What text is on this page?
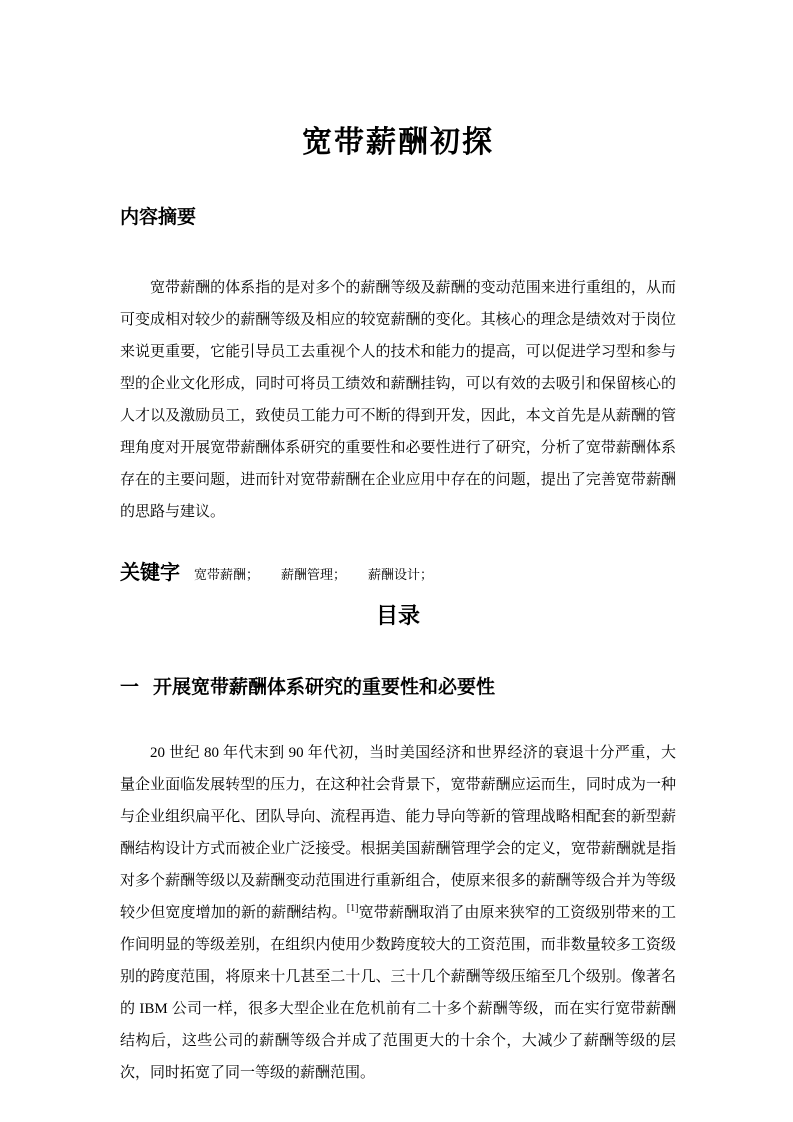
宽带薪酬初探
内容摘要

宽带薪酬的体系指的是对多个的薪酬等级及薪酬的变动范围来进行重组的，从而可变成相对较少的薪酬等级及相应的较宽薪酬的变化。其核心的理念是绩效对于岗位来说更重要，它能引导员工去重视个人的技术和能力的提高，可以促进学习型和参与型的企业文化形成，同时可将员工绩效和薪酬挂钩，可以有效的去吸引和保留核心的人才以及激励员工，致使员工能力可不断的得到开发，因此，本文首先是从薪酬的管理角度对开展宽带薪酬体系研究的重要性和必要性进行了研究，分析了宽带薪酬体系存在的主要问题，进而针对宽带薪酬在企业应用中存在的问题，提出了完善宽带薪酬的思路与建议。

关键字 宽带薪酬； 薪酬管理； 薪酬设计；
目录
一 开展宽带薪酬体系研究的重要性和必要性

20 世纪 80 年代末到 90 年代初，当时美国经济和世界经济的衰退十分严重，大量企业面临发展转型的压力，在这种社会背景下，宽带薪酬应运而生，同时成为一种与企业组织扁平化、团队导向、流程再造、能力导向等新的管理战略相配套的新型薪酬结构设计方式而被企业广泛接受。根据美国薪酬管理学会的定义，宽带薪酬就是指对多个薪酬等级以及薪酬变动范围进行重新组合，使原来很多的薪酬等级合并为等级较少但宽度增加的新的薪酬结构。[1]宽带薪酬取消了由原来狭窄的工资级别带来的工作间明显的等级差别，在组织内使用少数跨度较大的工资范围，而非数量较多工资级别的跨度范围，将原来十几甚至二十几、三十几个薪酬等级压缩至几个级别。像著名的 IBM 公司一样，很多大型企业在危机前有二十多个薪酬等级，而在实行宽带薪酬结构后，这些公司的薪酬等级合并成了范围更大的十余个，大减少了薪酬等级的层次，同时拓宽了同一等级的薪酬范围。
